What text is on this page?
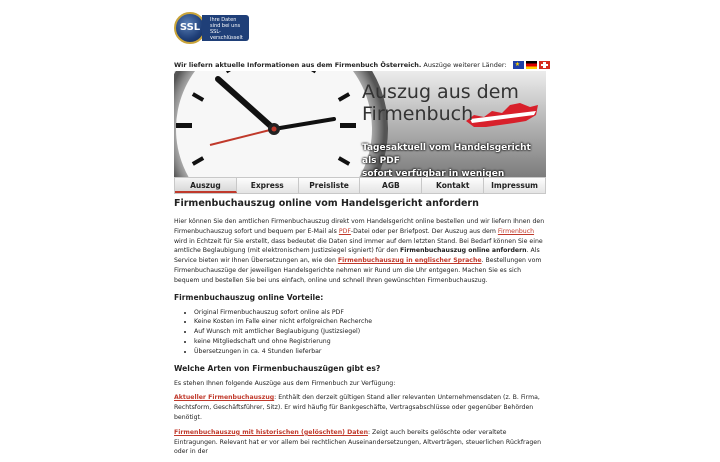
SSL
Ihre Daten sind bei uns SSL-verschlüsselt
Wir liefern aktuelle Informationen aus dem Firmenbuch Österreich. Auszüge weiterer Länder: ★
Auszug aus dem
Firmenbuch
Tagesaktuell vom Handelsgericht als PDF
sofort verfügbar in wenigen
Auszug	Express	Preisliste	AGB	Kontakt	Impressum
Firmenbuchauszug online vom Handelsgericht anfordern

Hier können Sie den amtlichen Firmenbuchauszug direkt vom Handelsgericht online bestellen und wir liefern Ihnen den Firmenbuchauszug sofort und bequem per E-Mail als PDF-Datei oder per Briefpost. Der Auszug aus dem Firmenbuch wird in Echtzeit für Sie erstellt, dass bedeutet die Daten sind immer auf dem letzten Stand. Bei Bedarf können Sie eine amtliche Beglaubigung (mit elektronischem Justizsiegel signiert) für den Firmenbuchauszug online anfordern. Als Service bieten wir Ihnen Übersetzungen an, wie den Firmenbuchauszug in englischer Sprache. Bestellungen vom Firmenbuchauszüge der jeweiligen Handelsgerichte nehmen wir Rund um die Uhr entgegen. Machen Sie es sich bequem und bestellen Sie bei uns einfach, online und schnell Ihren gewünschten Firmenbuchauszug.

Firmenbuchauszug online Vorteile:
• Original Firmenbuchauszug sofort online als PDF
• Keine Kosten im Falle einer nicht erfolgreichen Recherche
• Auf Wunsch mit amtlicher Beglaubigung (Justizsiegel)
• keine Mitgliedschaft und ohne Registrierung
• Übersetzungen in ca. 4 Stunden lieferbar
Welche Arten von Firmenbuchauszügen gibt es?

Es stehen Ihnen folgende Auszüge aus dem Firmenbuch zur Verfügung:

Aktueller Firmenbuchauszug: Enthält den derzeit gültigen Stand aller relevanten Unternehmensdaten (z. B. Firma, Rechtsform, Geschäftsführer, Sitz). Er wird häufig für Bankgeschäfte, Vertragsabschlüsse oder gegenüber Behörden benötigt.

Firmenbuchauszug mit historischen (gelöschten) Daten: Zeigt auch bereits gelöschte oder veraltete Eintragungen. Relevant hat er vor allem bei rechtlichen Auseinandersetzungen, Altverträgen, steuerlichen Rückfragen oder in der
